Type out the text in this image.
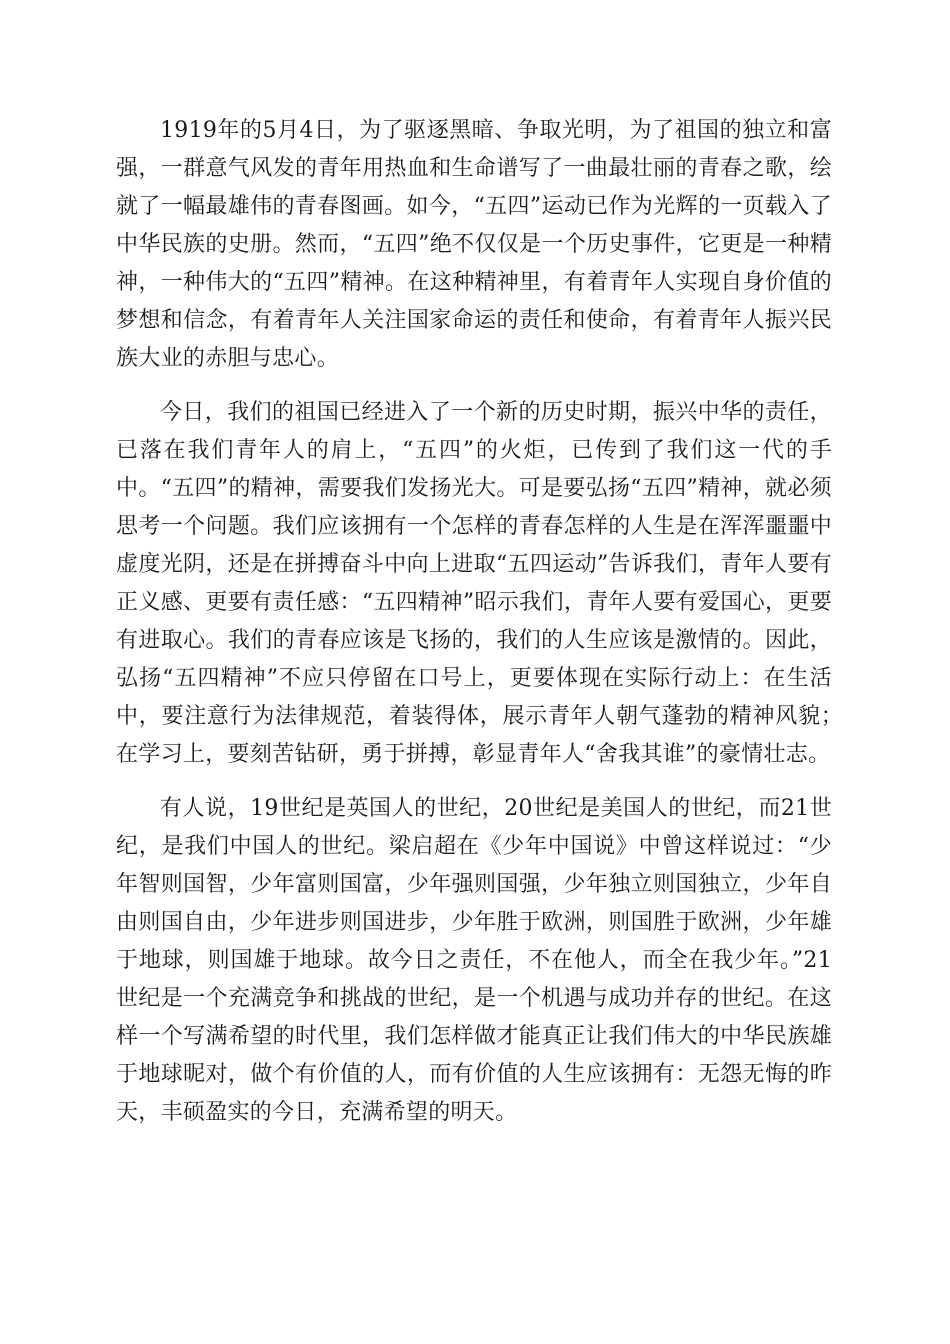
1919年的5月4日，为了驱逐黑暗、争取光明，为了祖国的独立和富强，一群意气风发的青年用热血和生命谱写了一曲最壮丽的青春之歌，绘就了一幅最雄伟的青春图画。如今，“五四”运动已作为光辉的一页载入了中华民族的史册。然而，“五四”绝不仅仅是一个历史事件，它更是一种精神，一种伟大的“五四”精神。在这种精神里，有着青年人实现自身价值的梦想和信念，有着青年人关注国家命运的责任和使命，有着青年人振兴民族大业的赤胆与忠心。

今日，我们的祖国已经进入了一个新的历史时期，振兴中华的责任，已落在我们青年人的肩上，“五四”的火炬，已传到了我们这一代的手中。“五四”的精神，需要我们发扬光大。可是要弘扬“五四”精神，就必须思考一个问题。我们应该拥有一个怎样的青春怎样的人生是在浑浑噩噩中虚度光阴，还是在拼搏奋斗中向上进取“五四运动”告诉我们，青年人要有正义感、更要有责任感：“五四精神”昭示我们，青年人要有爱国心，更要有进取心。我们的青春应该是飞扬的，我们的人生应该是激情的。因此，弘扬“五四精神”不应只停留在口号上，更要体现在实际行动上：在生活中，要注意行为法律规范，着装得体，展示青年人朝气蓬勃的精神风貌；　 在学习上，要刻苦钻研，勇于拼搏，彰显青年人“舍我其谁”的豪情壮志。

有人说，19世纪是英国人的世纪，20世纪是美国人的世纪，而21世纪，是我们中国人的世纪。梁启超在《少年中国说》中曾这样说过：“少年智则国智，少年富则国富，少年强则国强，少年独立则国独立，少年自由则国自由，少年进步则国进步，少年胜于欧洲，则国胜于欧洲，少年雄于地球，则国雄于地球。故今日之责任，不在他人，而全在我少年。”21世纪是一个充满竞争和挑战的世纪，是一个机遇与成功并存的世纪。在这样一个写满希望的时代里，我们怎样做才能真正让我们伟大的中华民族雄于地球昵对，做个有价值的人，而有价值的人生应该拥有：无怨无悔的昨天，丰硕盈实的今日，充满希望的明天。
